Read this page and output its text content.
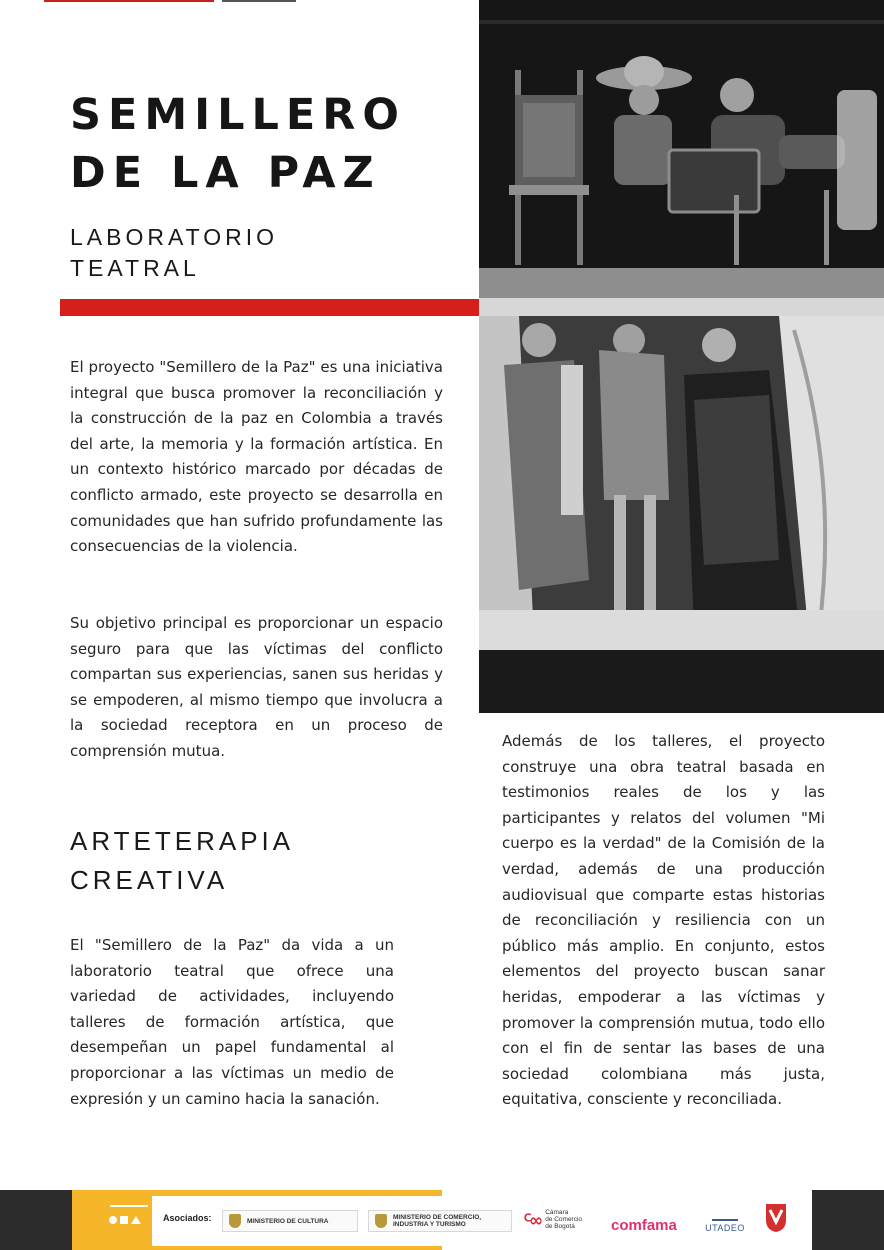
SEMILLERO
DE LA PAZ
LABORATORIO
TEATRAL

El proyecto "Semillero de la Paz" es una iniciativa integral que busca promover la reconciliación y la construcción de la paz en Colombia a través del arte, la memoria y la formación artística. En un contexto histórico marcado por décadas de conflicto armado, este proyecto se desarrolla en comunidades que han sufrido profundamente las consecuencias de la violencia.

Su objetivo principal es proporcionar un espacio seguro para que las víctimas del conflicto compartan sus experiencias, sanen sus heridas y se empoderen, al mismo tiempo que involucra a la sociedad receptora en un proceso de comprensión mutua.

ARTETERAPIA
CREATIVA

El "Semillero de la Paz" da vida a un laboratorio teatral que ofrece una variedad de actividades, incluyendo talleres de formación artística, que desempeñan un papel fundamental al proporcionar a las víctimas un medio de expresión y un camino hacia la sanación.

Además de los talleres, el proyecto construye una obra teatral basada en testimonios reales de los y las participantes y relatos del volumen "Mi cuerpo es la verdad" de la Comisión de la verdad, además de una producción audiovisual que comparte estas historias de reconciliación y resiliencia con un público más amplio. En conjunto, estos elementos del proyecto buscan sanar heridas, empoderar a las víctimas y promover la comprensión mutua, todo ello con el fin de sentar las bases de una sociedad colombiana más justa, equitativa, consciente y reconciliada.

Asociados:	MINISTERIO DE CULTURA	MINISTERIO DE COMERCIO,
INDUSTRIA Y TURISMO	ꟲ∞ Cámara
de Comercio
de Bogotá	comfama	UTADEO
